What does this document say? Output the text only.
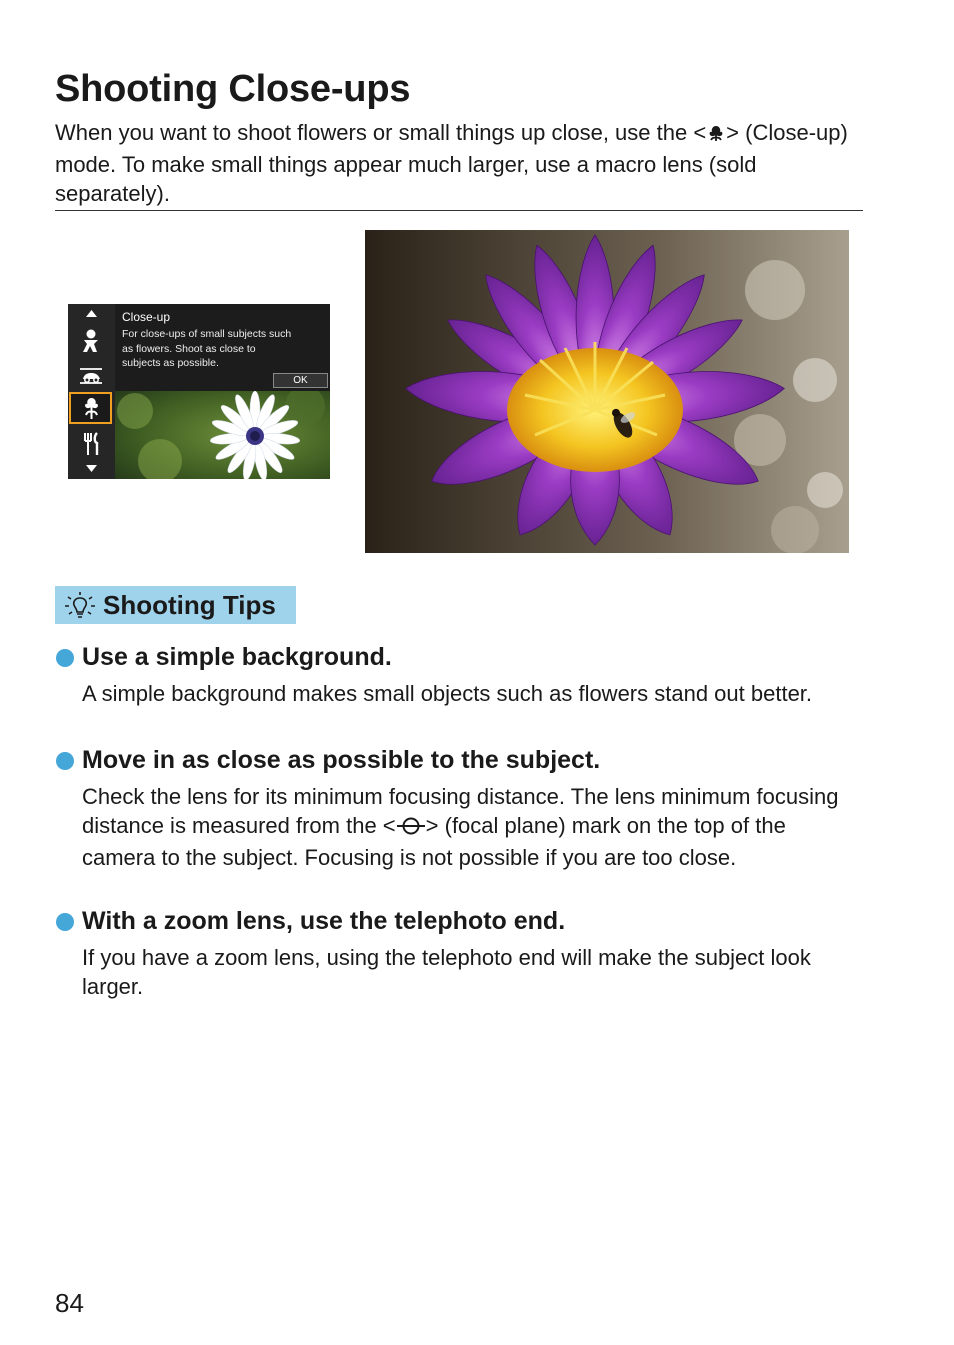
Shooting Close-ups
When you want to shoot flowers or small things up close, use the < > (Close-up) mode. To make small things appear much larger, use a macro lens (sold separately).
Close-up
For close-ups of small subjects such as flowers. Shoot as close to subjects as possible.
OK
Shooting Tips
Use a simple background.
A simple background makes small objects such as flowers stand out better.
Move in as close as possible to the subject.
Check the lens for its minimum focusing distance. The lens minimum focusing distance is measured from the < > (focal plane) mark on the top of the camera to the subject. Focusing is not possible if you are too close.
With a zoom lens, use the telephoto end.
If you have a zoom lens, using the telephoto end will make the subject look larger.
84
